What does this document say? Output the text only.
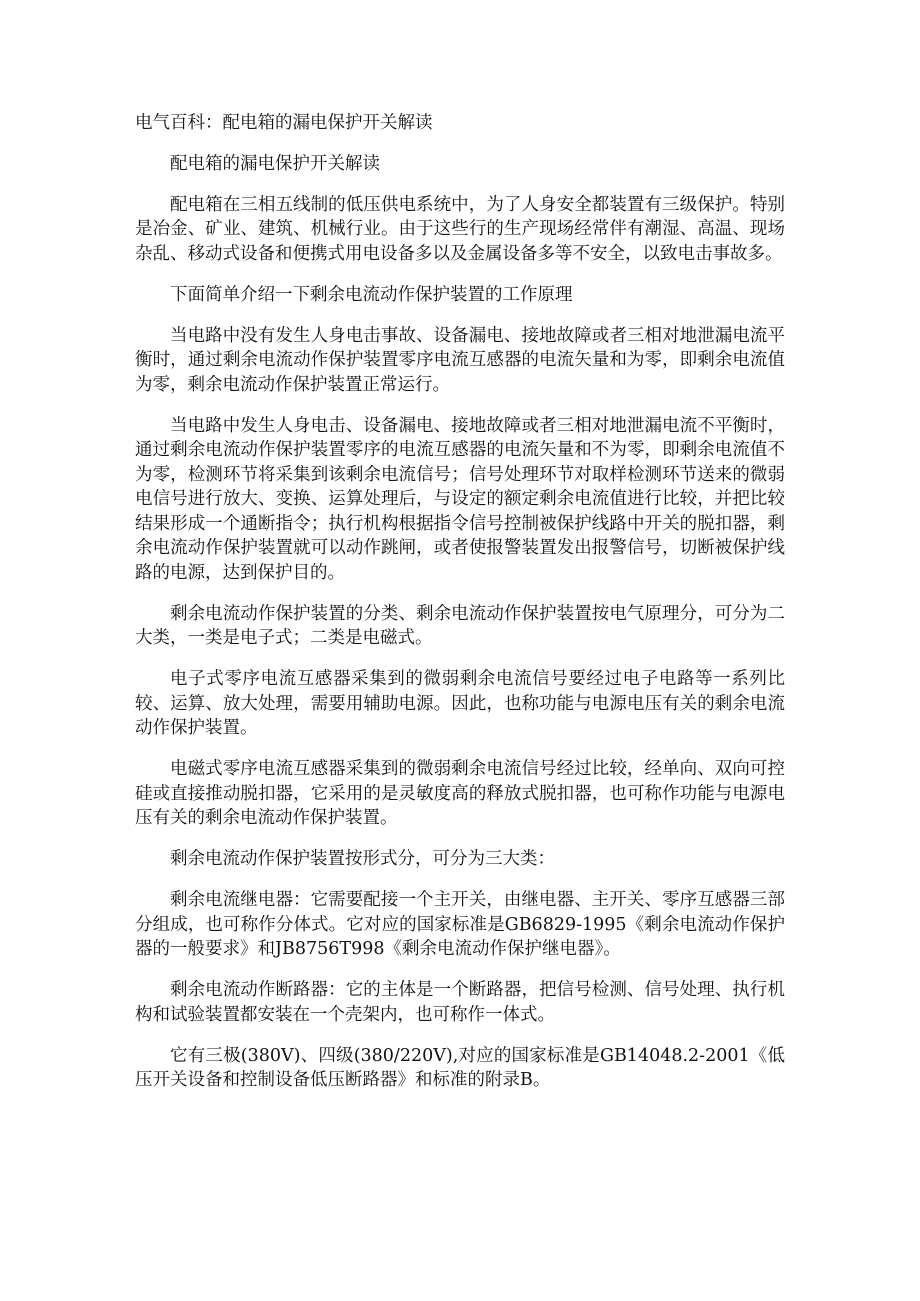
电气百科：配电箱的漏电保护开关解读
配电箱的漏电保护开关解读
配电箱在三相五线制的低压供电系统中，为了人身安全都装置有三级保护。特别是冶金、矿业、建筑、机械行业。由于这些行的生产现场经常伴有潮湿、高温、现场杂乱、移动式设备和便携式用电设备多以及金属设备多等不安全，以致电击事故多。
下面简单介绍一下剩余电流动作保护装置的工作原理
当电路中没有发生人身电击事故、设备漏电、接地故障或者三相对地泄漏电流平衡时，通过剩余电流动作保护装置零序电流互感器的电流矢量和为零，即剩余电流值为零，剩余电流动作保护装置正常运行。
当电路中发生人身电击、设备漏电、接地故障或者三相对地泄漏电流不平衡时，通过剩余电流动作保护装置零序的电流互感器的电流矢量和不为零，即剩余电流值不为零，检测环节将采集到该剩余电流信号；信号处理环节对取样检测环节送来的微弱电信号进行放大、变换、运算处理后，与设定的额定剩余电流值进行比较，并把比较结果形成一个通断指令；执行机构根据指令信号控制被保护线路中开关的脱扣器，剩余电流动作保护装置就可以动作跳闸，或者使报警装置发出报警信号，切断被保护线路的电源，达到保护目的。
剩余电流动作保护装置的分类、剩余电流动作保护装置按电气原理分，可分为二大类，一类是电子式；二类是电磁式。
电子式零序电流互感器采集到的微弱剩余电流信号要经过电子电路等一系列比较、运算、放大处理，需要用辅助电源。因此，也称功能与电源电压有关的剩余电流动作保护装置。
电磁式零序电流互感器采集到的微弱剩余电流信号经过比较，经单向、双向可控硅或直接推动脱扣器，它采用的是灵敏度高的释放式脱扣器，也可称作功能与电源电压有关的剩余电流动作保护装置。
剩余电流动作保护装置按形式分，可分为三大类：
剩余电流继电器：它需要配接一个主开关，由继电器、主开关、零序互感器三部分组成，也可称作分体式。它对应的国家标准是GB6829-1995《剩余电流动作保护器的一般要求》和JB8756T998《剩余电流动作保护继电器》。
剩余电流动作断路器：它的主体是一个断路器，把信号检测、信号处理、执行机构和试验装置都安装在一个壳架内，也可称作一体式。
它有三极(380V)、四级(380/220V),对应的国家标准是GB14048.2-2001《低压开关设备和控制设备低压断路器》和标准的附录B。
